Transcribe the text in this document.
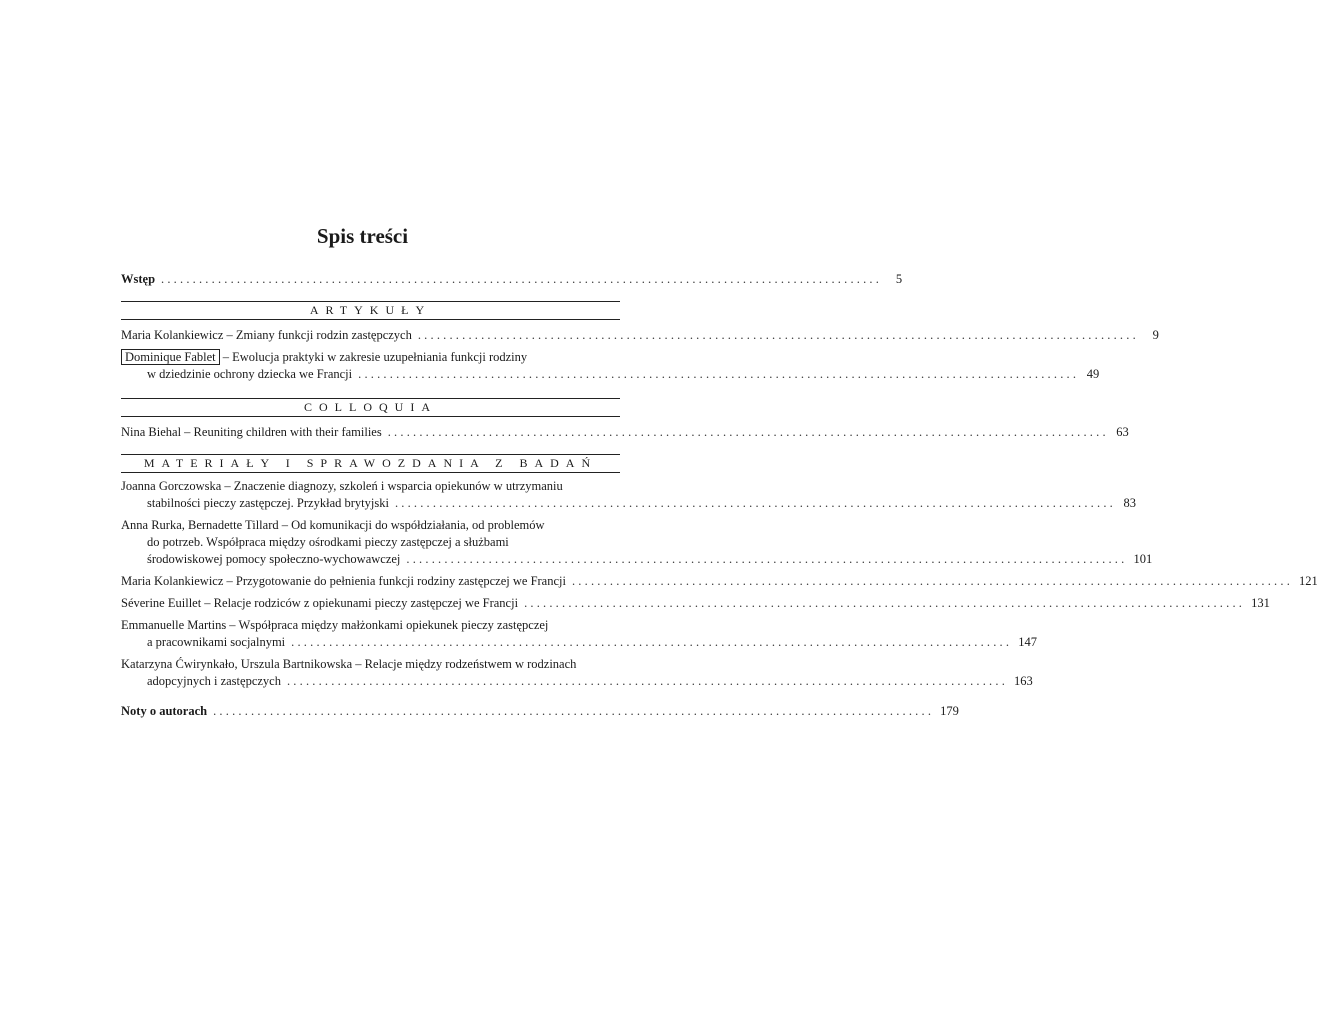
Spis treści
Wstęp ..................................................................................................................	5
ARTYKUŁY
Maria Kolankiewicz – Zmiany funkcji rodzin zastępczych ..................................................................................................................	9
Dominique Fablet – Ewolucja praktyki w zakresie uzupełniania funkcji rodziny
w dziedzinie ochrony dziecka we Francji .................................................................................................................. 49
COLLOQUIA
Nina Biehal – Reuniting children with their families .................................................................................................................. 63
MATERIAŁY I SPRAWOZDANIA Z BADAŃ
Joanna Gorczowska – Znaczenie diagnozy, szkoleń i wsparcia opiekunów w utrzymaniu
stabilności pieczy zastępczej. Przykład brytyjski .................................................................................................................. 83
Anna Rurka, Bernadette Tillard – Od komunikacji do współdziałania, od problemów
do potrzeb. Współpraca między ośrodkami pieczy zastępczej a służbami
środowiskowej pomocy społeczno-wychowawczej .................................................................................................................. 101
Maria Kolankiewicz – Przygotowanie do pełnienia funkcji rodziny zastępczej we Francji .................................................................................................................. 121
Séverine Euillet – Relacje rodziców z opiekunami pieczy zastępczej we Francji .................................................................................................................. 131
Emmanuelle Martins – Współpraca między małżonkami opiekunek pieczy zastępczej
a pracownikami socjalnymi .................................................................................................................. 147
Katarzyna Ćwirynkało, Urszula Bartnikowska – Relacje między rodzeństwem w rodzinach
adopcyjnych i zastępczych .................................................................................................................. 163
Noty o autorach .................................................................................................................. 179
